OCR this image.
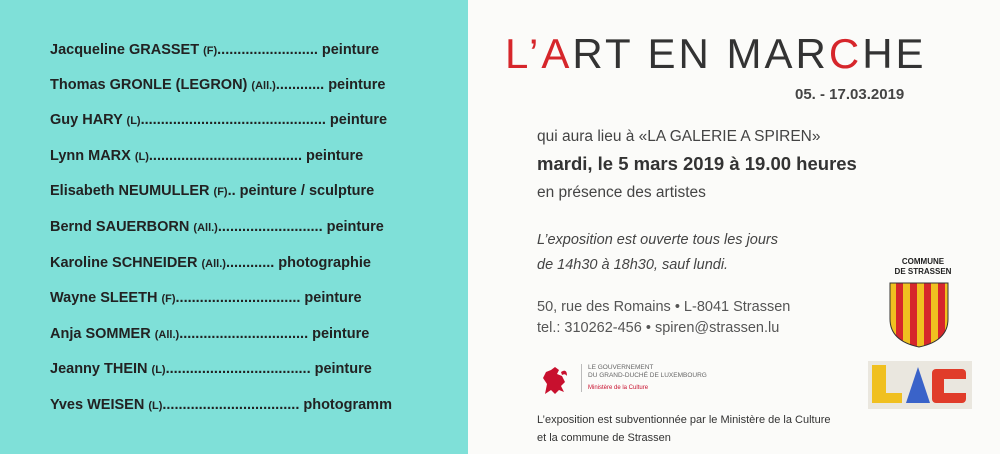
Jacqueline GRASSET (F)......................... peinture
Thomas GRONLE (LEGRON) (All.)............ peinture
Guy HARY (L).............................................. peinture
Lynn MARX (L)...................................... peinture
Elisabeth NEUMULLER (F).. peinture / sculpture
Bernd SAUERBORN (All.).......................... peinture
Karoline SCHNEIDER (All.)............ photographie
Wayne SLEETH (F)............................... peinture
Anja SOMMER (All.)................................ peinture
Jeanny THEIN (L).................................... peinture
Yves WEISEN (L).................................. photogramm
L’ART EN MARCHE
05. - 17.03.2019
qui aura lieu à «LA GALERIE A SPIREN»
mardi, le 5 mars 2019 à 19.00 heures
en présence des artistes
L’exposition est ouverte tous les jours
de 14h30 à 18h30, sauf lundi.
50, rue des Romains • L-8041 Strassen
tel.: 310262-456 • spiren@strassen.lu
LE GOUVERNEMENT
DU GRAND-DUCHÉ DE LUXEMBOURG
Ministère de la Culture
L’exposition est subventionnée par le Ministère de la Culture
et la commune de Strassen
COMMUNE
DE STRASSEN
